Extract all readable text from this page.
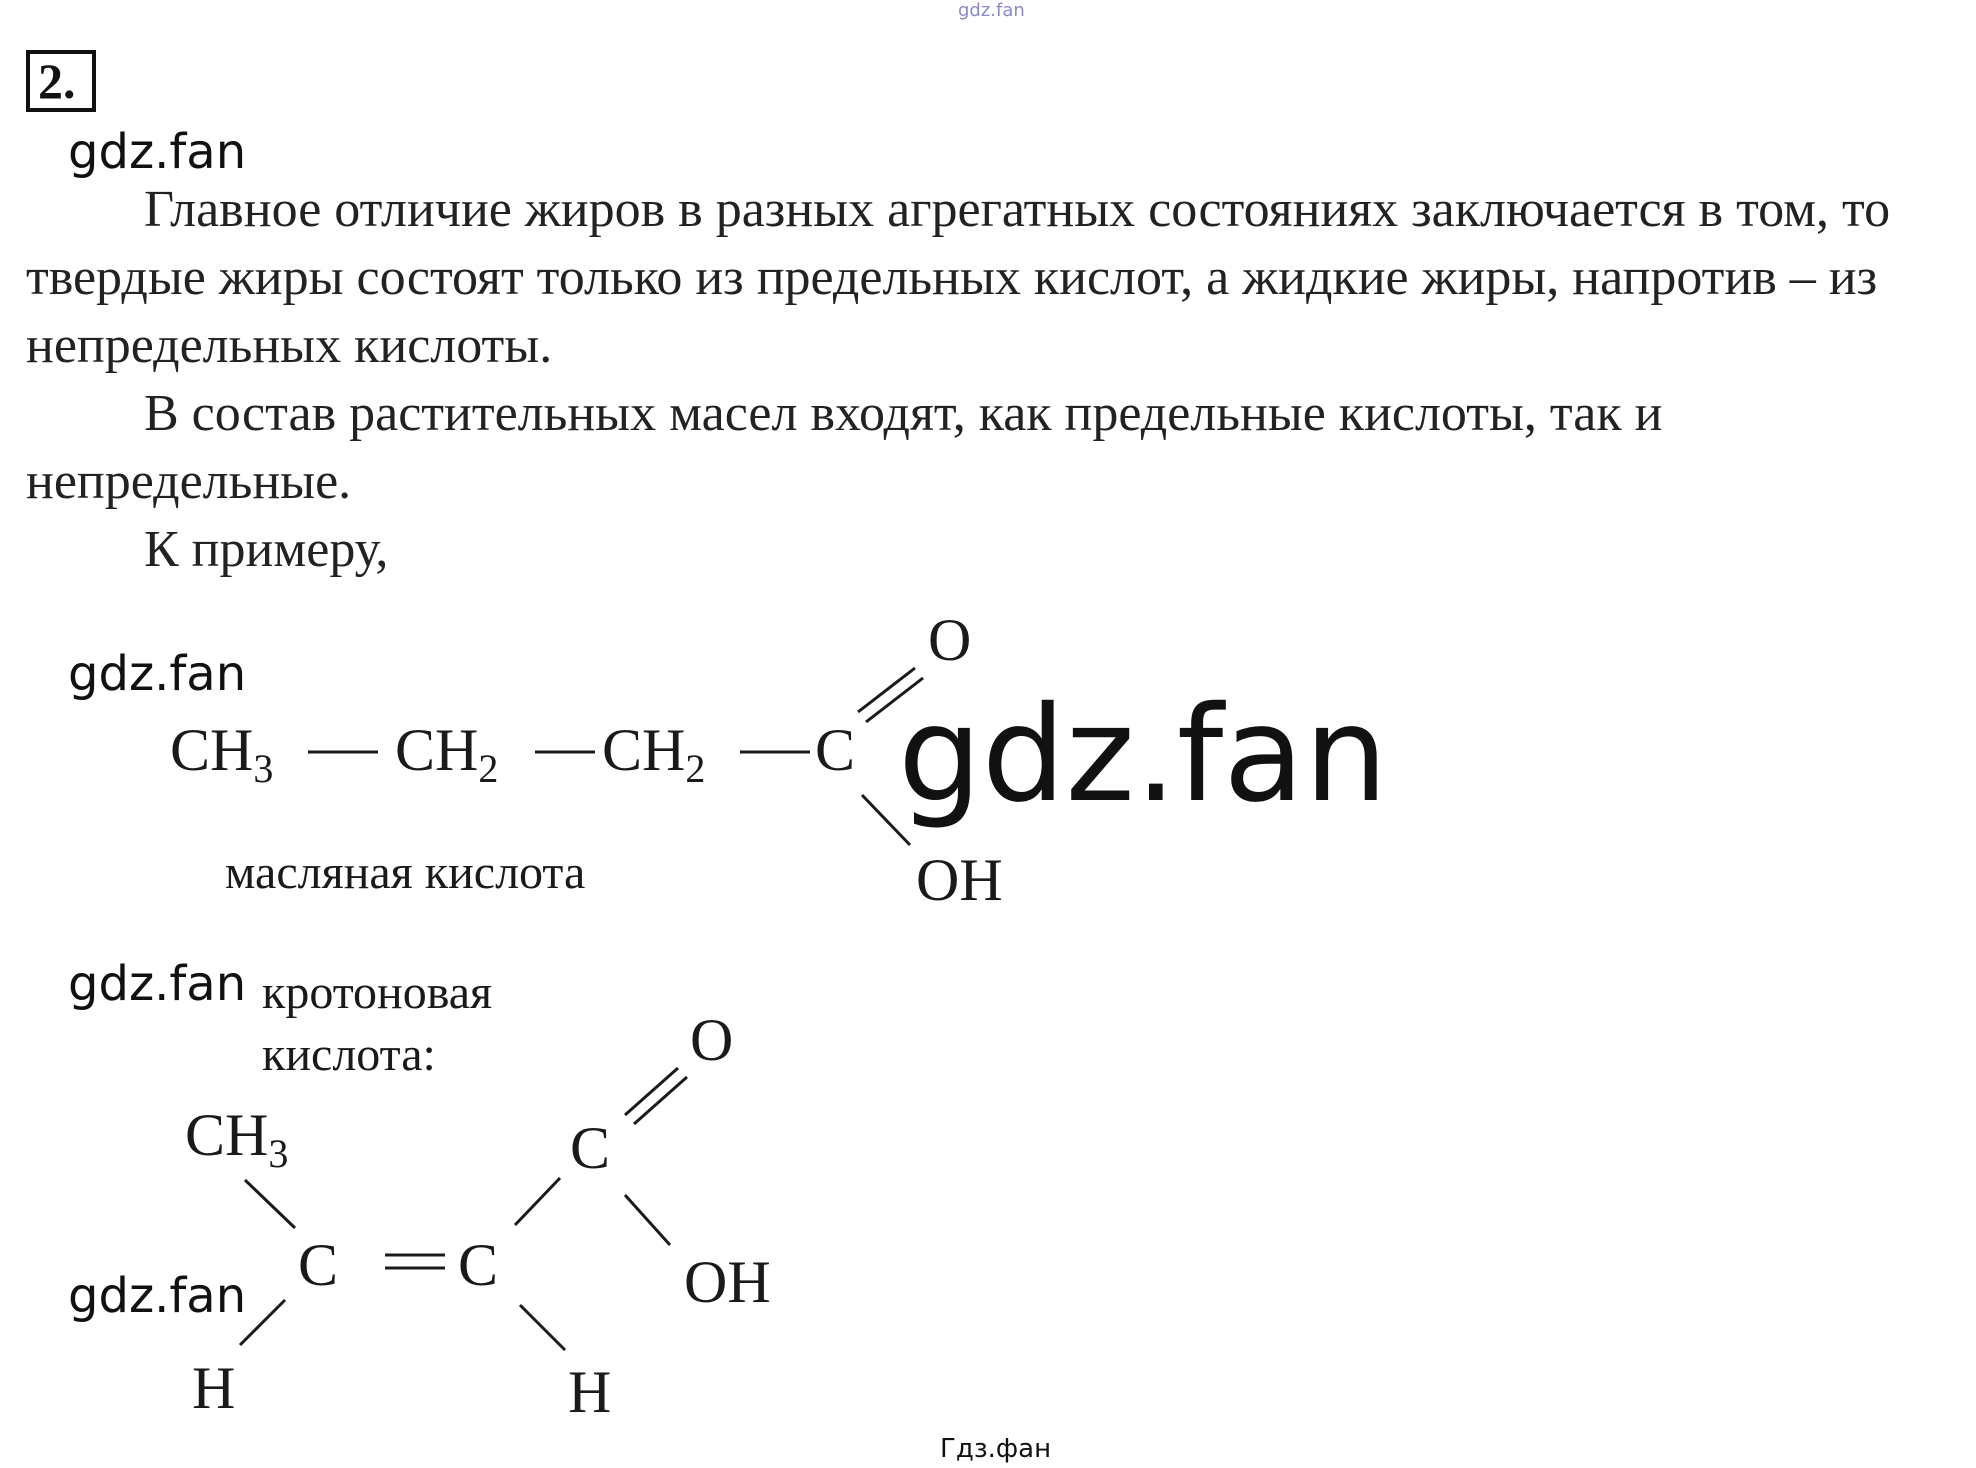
gdz.fan
2.
gdz.fan

Главное отличие жиров в разных агрегатных состояниях заключается в том, то твердые жиры состоят только из предельных кислот, а жидкие жиры, напротив – из непредельных кислоты.

В состав растительных масел входят, как предельные кислоты, так и непредельные.

К примеру,

gdz.fan
gdz.fan
gdz.fan
$CH_3$ $CH_2$ $CH_2$ C
O
OH
масляная кислота
кротоновая
кислота:	O
$CH_3$	C
C C	OH
H	H
gdz.fan
Гдз.фан
